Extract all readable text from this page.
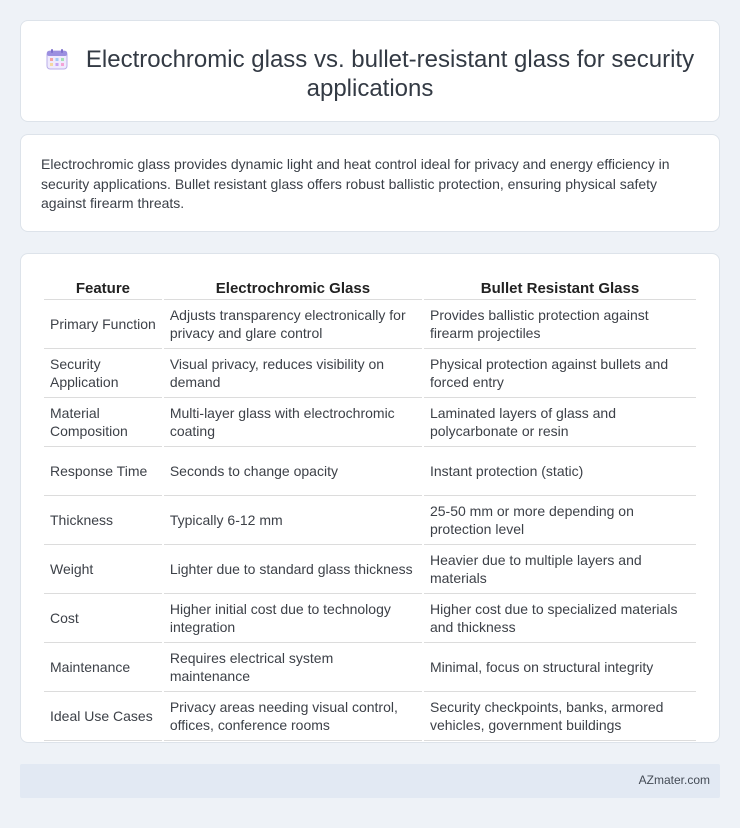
Electrochromic glass vs. bullet-resistant glass for security applications

Electrochromic glass provides dynamic light and heat control ideal for privacy and energy efficiency in security applications. Bullet resistant glass offers robust ballistic protection, ensuring physical safety against firearm threats.

Feature	Electrochromic Glass	Bullet Resistant Glass
Primary Function	Adjusts transparency electronically for privacy and glare control	Provides ballistic protection against firearm projectiles
Security Application	Visual privacy, reduces visibility on demand	Physical protection against bullets and forced entry
Material Composition	Multi-layer glass with electrochromic coating	Laminated layers of glass and polycarbonate or resin
Response Time	Seconds to change opacity	Instant protection (static)
Thickness	Typically 6-12 mm	25-50 mm or more depending on protection level
Weight	Lighter due to standard glass thickness	Heavier due to multiple layers and materials
Cost	Higher initial cost due to technology integration	Higher cost due to specialized materials and thickness
Maintenance	Requires electrical system maintenance	Minimal, focus on structural integrity
Ideal Use Cases	Privacy areas needing visual control, offices, conference rooms	Security checkpoints, banks, armored vehicles, government buildings
AZmater.com
